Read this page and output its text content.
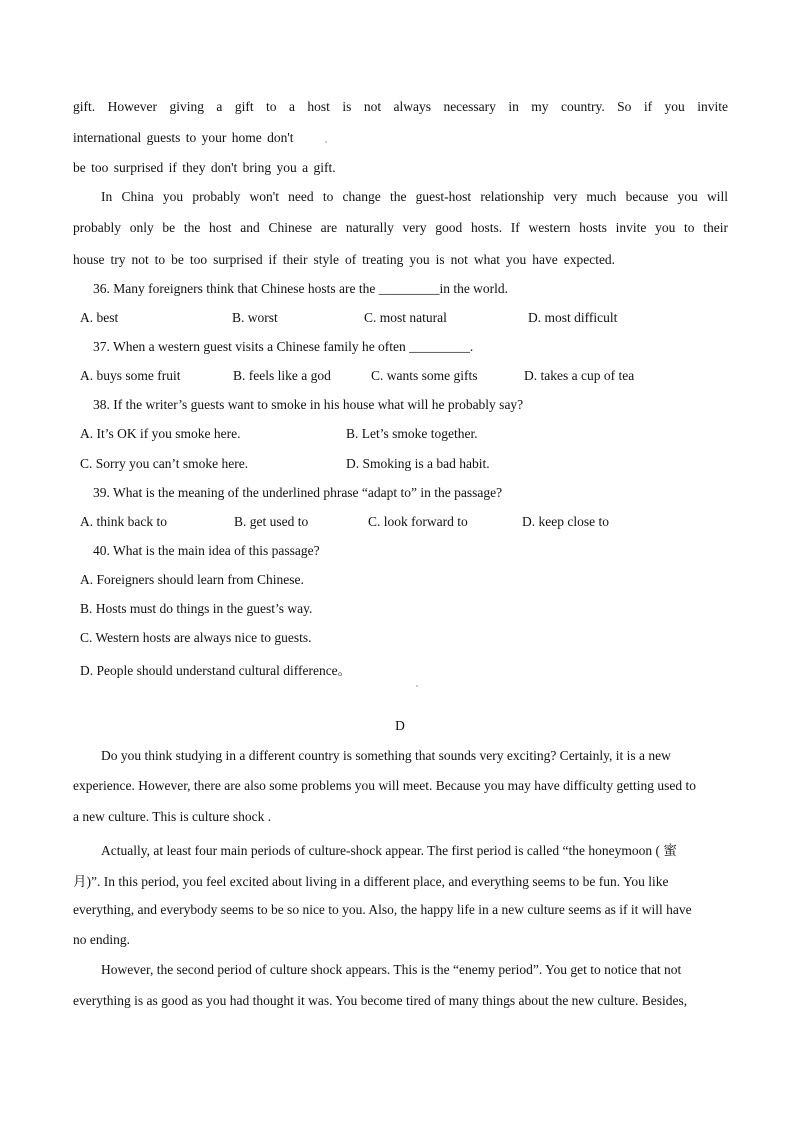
gift. However giving a gift to a host is not always necessary in my country. So if you invite
international guests to your home don't
be too surprised if they don't bring you a gift.
In China you probably won't need to change the guest-host relationship very much because you will
probably only be the host and Chinese are naturally very good hosts. If western hosts invite you to their
house try not to be too surprised if their style of treating you is not what you have expected.
36. Many foreigners think that Chinese hosts are the _________in the world.
A. best	B. worst	C. most natural	D. most difficult
37. When a western guest visits a Chinese family he often _________.
A. buys some fruit	B. feels like a god	C. wants some gifts	D. takes a cup of tea
38. If the writer’s guests want to smoke in his house what will he probably say?
A. It’s OK if you smoke here.	B. Let’s smoke together.
C. Sorry you can’t smoke here.	D. Smoking is a bad habit.
39. What is the meaning of the underlined phrase “adapt to” in the passage?
A. think back to	B. get used to	C. look forward to	D. keep close to
40. What is the main idea of this passage?
A. Foreigners should learn from Chinese.
B. Hosts must do things in the guest’s way.
C. Western hosts are always nice to guests.
D. People should understand cultural difference。
D
Do you think studying in a different country is something that sounds very exciting? Certainly, it is a new
experience. However, there are also some problems you will meet. Because you may have difficulty getting used to
a new culture. This is culture shock .
Actually, at least four main periods of culture-shock appear. The first period is called “the honeymoon ( 蜜
月)”. In this period, you feel excited about living in a different place, and everything seems to be fun. You like
everything, and everybody seems to be so nice to you. Also, the happy life in a new culture seems as if it will have
no ending.
However, the second period of culture shock appears. This is the “enemy period”. You get to notice that not
everything is as good as you had thought it was. You become tired of many things about the new culture. Besides,
